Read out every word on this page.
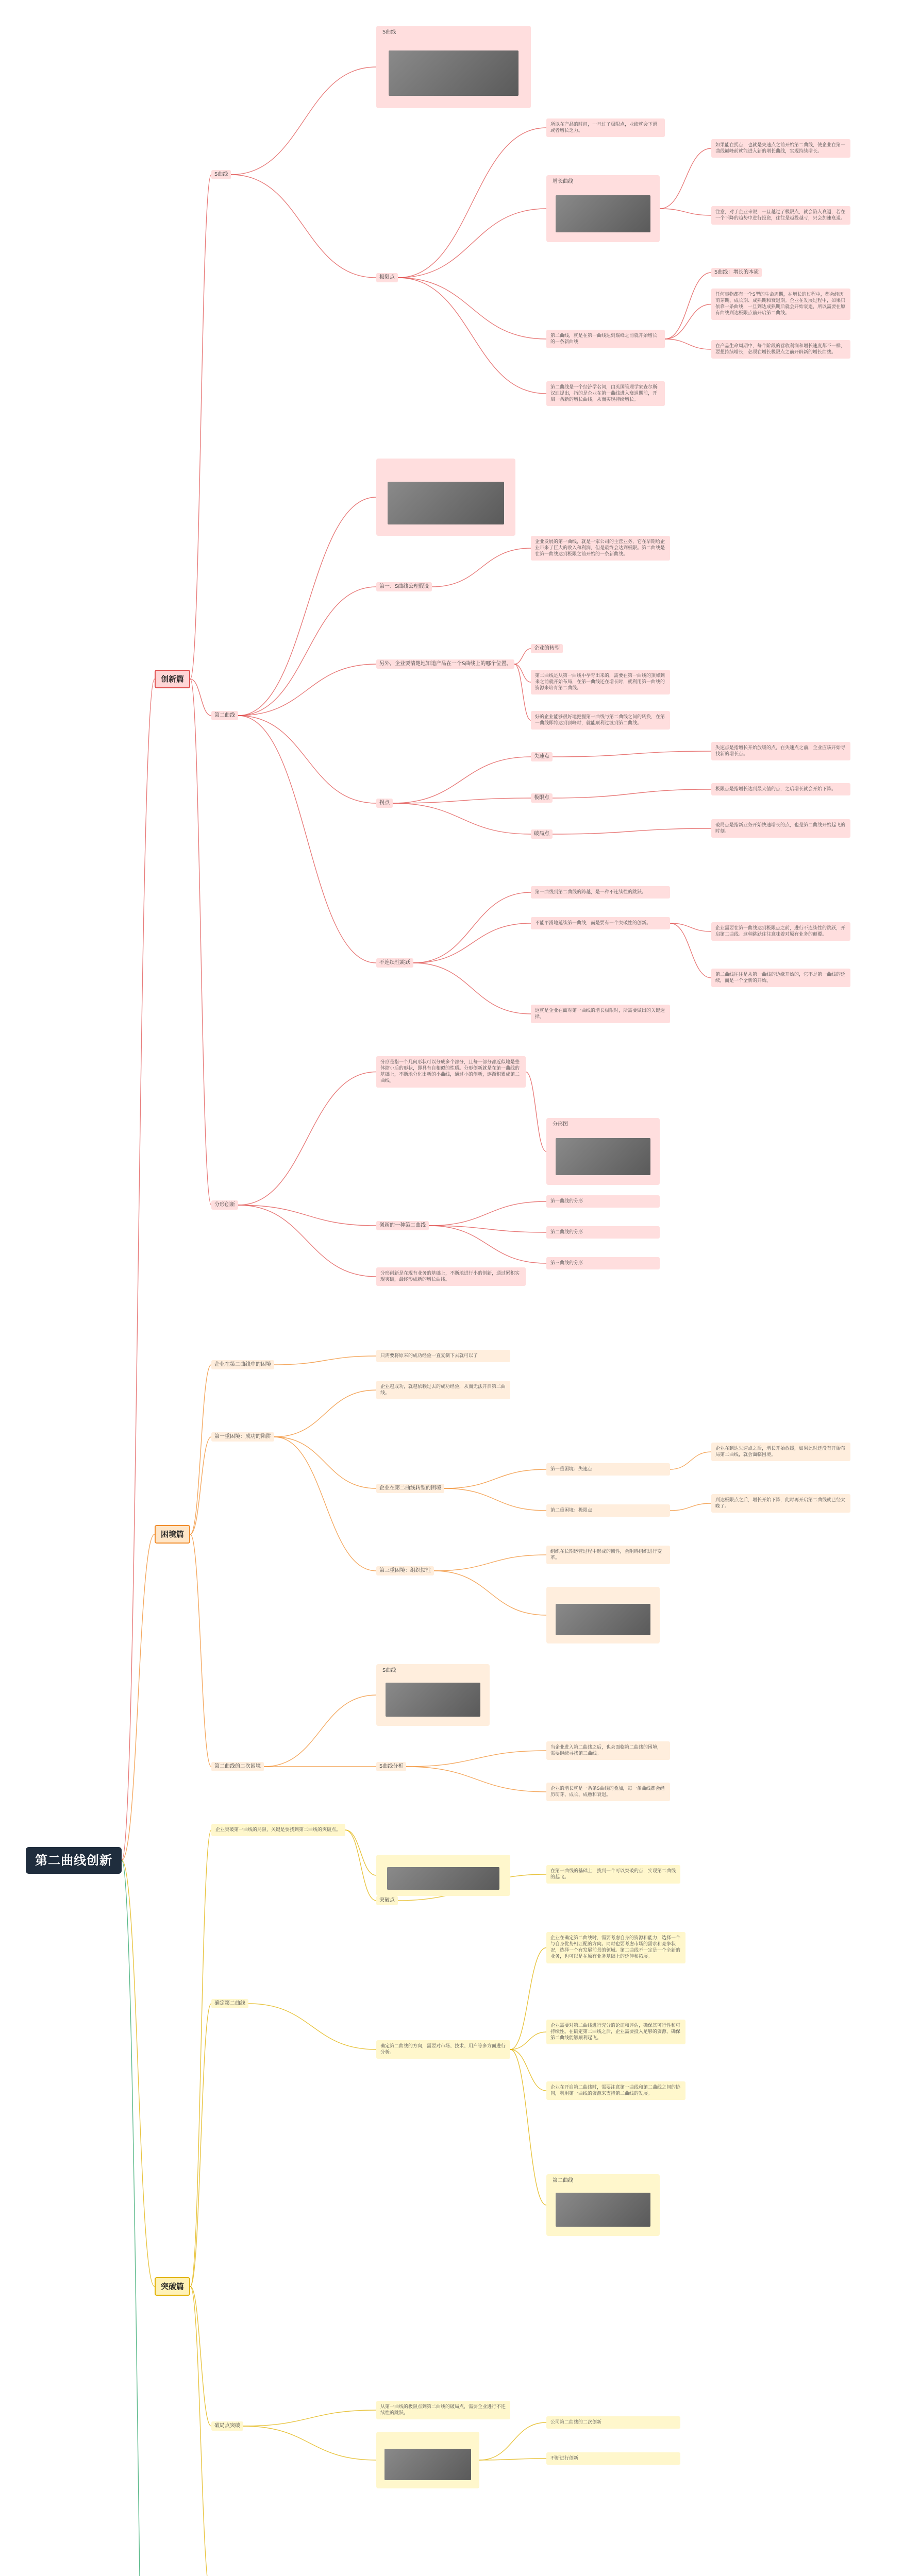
第二曲线创新
创新篇
困境篇
突破篇
S曲线
S曲线
极限点
所以在产品的时间，一旦过了极限点，业绩就会下滑或者增长乏力。
增长曲线
第二曲线，就是在第一曲线达到巅峰之前就开始增长的一条新曲线
如果能在拐点，也就是失速点之前开始第二曲线，使企业在第一曲线巅峰前就能进入新的增长曲线，实现持续增长。
注意，对于企业来说，一旦越过了极限点，就会陷入衰退，若在一个下降的趋势中进行投资，往往是越投越亏，只会加速衰退。
S曲线：增长的本质
任何事物都有一个S型的生命周期，在增长的过程中，都会经历萌芽期、成长期、成熟期和衰退期。企业在发展过程中，如果只依靠一条曲线，一旦到达成熟期后就会开始衰退，所以需要在原有曲线到达极限点前开启第二曲线。
在产品生命周期中，每个阶段的营收利润和增长速度都不一样，要想持续增长，必须在增长极限点之前开辟新的增长曲线。
第二曲线是一个经济学名词，由英国管理学家查尔斯·汉迪提出，指的是企业在第一曲线进入衰退期前，开启一条新的增长曲线，从而实现持续增长。
第二曲线
第一、S曲线公理假设
企业发展的第一曲线，就是一家公司的主营业务，它在早期给企业带来了巨大的收入和利润，但是最终会达到极限。第二曲线是在第一曲线达到极限之前开始的一条新曲线。
企业的转型
第二曲线是从第一曲线中孕育出来的，需要在第一曲线的顶峰到来之前就开始布局，在第一曲线还在增长时，就利用第一曲线的资源来培育第二曲线。
另外，企业要清楚地知道产品在一个S曲线上的哪个位置。
好的企业能够很好地把握第一曲线与第二曲线之间的转换，在第一曲线即将达到顶峰时，就能顺利过渡到第二曲线。
拐点
失速点
失速点是指增长开始放缓的点，在失速点之前，企业应该开始寻找新的增长点。
极限点
极限点是指增长达到最大值的点，之后增长就会开始下降。
破局点
破局点是指新业务开始快速增长的点，也是第二曲线开始起飞的时刻。
不连续性跳跃
第一曲线到第二曲线的跨越，是一种不连续性的跳跃。
不能平滑地延续第一曲线，而是要有一个突破性的创新。
企业需要在第一曲线达到极限点之前，进行不连续性的跳跃，开启第二曲线。这种跳跃往往意味着对原有业务的颠覆。
第二曲线往往是从第一曲线的边缘开始的，它不是第一曲线的延续，而是一个全新的开始。
这就是企业在面对第一曲线的增长极限时，所需要做出的关键选择。
分形创新
分形是指一个几何形状可以分成多个部分，且每一部分都近似地是整体缩小后的形状，即具有自相似的性质。分形创新就是在第一曲线的基础上，不断地分化出新的小曲线，通过小的创新，逐渐积累成第二曲线。
分形图
创新的一种第二曲线
第一曲线的分形
第二曲线的分形
第三曲线的分形
分形创新是在现有业务的基础上，不断地进行小的创新，通过累积实现突破，最终形成新的增长曲线。
企业在第二曲线中的困境
只需要将原来的成功经验一直复制下去就可以了
第一重困境：成功的陷阱
企业越成功，就越依赖过去的成功经验，从而无法开启第二曲线。
企业在第二曲线转型的困境
第一重困境：失速点
第二重困境：极限点
企业在到达失速点之后，增长开始放缓，如果此时还没有开始布局第二曲线，就会面临困境。
到达极限点之后，增长开始下降，此时再开启第二曲线就已经太晚了。
第三重困境：组织惯性
组织在长期运营过程中形成的惯性，会阻碍组织进行变革。
第二曲线的二次困境
S曲线
S曲线分析
当企业进入第二曲线之后，也会面临第二曲线的困境，需要继续寻找第三曲线。
企业的增长就是一条条S曲线的叠加，每一条曲线都会经历萌芽、成长、成熟和衰退。
企业突破第一曲线的局限，关键是要找到第二曲线的突破点。
突破点
在第一曲线的基础上，找到一个可以突破的点，实现第二曲线的起飞。
确定第二曲线
确定第二曲线的方向，需要对市场、技术、用户等多方面进行分析。
企业在确定第二曲线时，需要考虑自身的资源和能力，选择一个与自身优势相匹配的方向。同时也要考虑市场的需求和竞争状况，选择一个有发展前景的领域。第二曲线不一定是一个全新的业务，也可以是在原有业务基础上的延伸和拓展。
企业需要对第二曲线进行充分的论证和评估，确保其可行性和可持续性。在确定第二曲线之后，企业需要投入足够的资源，确保第二曲线能够顺利起飞。
企业在开启第二曲线时，需要注意第一曲线和第二曲线之间的协同，利用第一曲线的资源来支持第二曲线的发展。
第二曲线
破局点突破
从第一曲线的极限点到第二曲线的破局点，需要企业进行不连续性的跳跃。
公司第二曲线的二次创新
不断进行创新
